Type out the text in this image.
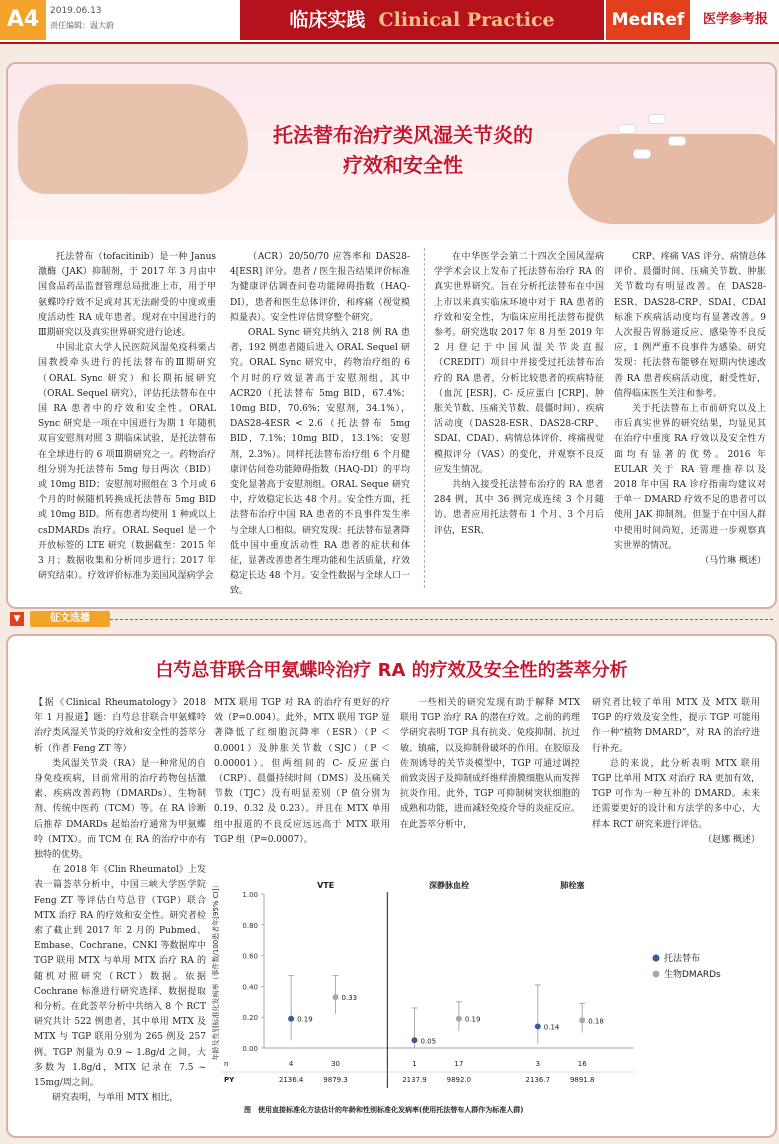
A4	2019.06.13
责任编辑：温大蔚	临床实践 Clinical Practice	MedRef	医学参考报
托法替布治疗类风湿关节炎的
疗效和安全性

托法替布（tofacitinib）是一种 Janus 激酶（JAK）抑制剂，于 2017 年 3 月由中国食品药品监督管理总局批准上市，用于甲氨蝶呤疗效不足或对其无法耐受的中度或重度活动性 RA 成年患者。现对在中国进行的Ⅲ期研究以及真实世界研究进行论述。

中国北京大学人民医院风湿免疫科栗占国教授牵头进行的托法替布的Ⅲ期研究（ORAL Sync 研究）和长期拓展研究（ORAL Sequel 研究），评估托法替布在中国 RA 患者中的疗效和安全性。ORAL Sync 研究是一项在中国进行为期 1 年随机双盲安慰剂对照 3 期临床试验，是托法替布在全球进行的 6 项Ⅲ期研究之一。药物治疗组分别为托法替布 5mg 每日两次（BID）或 10mg BID；安慰剂对照组在 3 个月或 6 个月的时候随机转换成托法替布 5mg BID 或 10mg BID。所有患者均使用 1 种或以上 csDMARDs 治疗。ORAL Sequel 是一个开放标签的 LTE 研究（数据截至：2015 年 3 月；数据收集和分析同步进行；2017 年研究结束）。疗效评价标准为美国风湿病学会

（ACR）20/50/70 应答率和 DAS28-4[ESR] 评分。患者 / 医生报告结果评价标准为健康评估调查问卷功能障碍指数（HAQ-DI），患者和医生总体评价，和疼痛（视觉模拟量表）。安全性评估贯穿整个研究。

ORAL Sync 研究共纳入 218 例 RA 患者，192 例患者随后进入 ORAL Sequel 研究。ORAL Sync 研究中，药物治疗组的 6 个月时的疗效显著高于安慰剂组，其中 ACR20（托法替布 5mg BID，67.4%；10mg BID，70.6%；安慰剂，34.1%），DAS28-4ESR < 2.6（托法替布 5mg BID，7.1%；10mg BID，13.1%；安慰剂，2.3%）。同样托法替布治疗组 6 个月健康评估问卷功能障碍指数（HAQ-DI）的平均变化显著高于安慰剂组。ORAL Seque 研究中，疗效稳定长达 48 个月。安全性方面，托法替布治疗中国 RA 患者的不良事件发生率与全球人口相似。研究发现：托法替布显著降低中国中重度活动性 RA 患者的症状和体征，显著改善患者生理功能和生活质量，疗效稳定长达 48 个月。安全性数据与全球人口一致。

在中华医学会第二十四次全国风湿病学学术会议上发布了托法替布治疗 RA 的真实世界研究。旨在分析托法替布在中国上市以来真实临床环境中对于 RA 患者的疗效和安全性，为临床应用托法替布提供参考。研究选取 2017 年 8 月至 2019 年 2 月登记于中国风湿关节炎直报（CREDIT）项目中并接受过托法替布治疗的 RA 患者，分析比较患者的疾病特征（血沉 [ESR]、C- 反应蛋白 [CRP]、肿胀关节数、压痛关节数、晨僵时间）、疾病活动度（DAS28-ESR、DAS28-CRP、SDAI、CDAI）、病情总体评价、疼痛视觉模拟评分（VAS）的变化，并观察不良反应发生情况。

共纳入接受托法替布治疗的 RA 患者 284 例，其中 36 例完成连续 3 个月随访。患者应用托法替布 1 个月、3 个月后评估，ESR、

CRP、疼痛 VAS 评分、病情总体评价、晨僵时间、压痛关节数、肿胀关节数均有明显改善。在 DAS28-ESR、DAS28-CRP、SDAI、CDAI 标准下疾病活动度均有显著改善。9 人次报告胃肠道反应、感染等不良反应，1 例严重不良事件为感染。研究发现：托法替布能够在短期内快速改善 RA 患者疾病活动度，耐受性好，值得临床医生关注和参考。

关于托法替布上市前研究以及上市后真实世界的研究结果，均显见其在治疗中重度 RA 疗效以及安全性方面均有显著的优势。2016 年 EULAR 关于 RA 管理推荐以及 2018 年中国 RA 诊疗指南均建议对于单一 DMARD 疗效不足的患者可以使用 JAK 抑制剂。但鉴于在中国人群中使用时间尚短，还需进一步观察真实世界的情况。

（马竹琳 概述）

▼	征文选播
白芍总苷联合甲氨蝶呤治疗 RA 的疗效及安全性的荟萃分析

【据《Clinical Rheumatology》2018 年 1 月报道】题：白芍总苷联合甲氨蝶呤治疗类风湿关节炎的疗效和安全性的荟萃分析（作者 Feng ZT 等）

类风湿关节炎（RA）是一种常见的自身免疫疾病，目前常用的治疗药物包括激素、疾病改善药物（DMARDs）、生物制剂、传统中医药（TCM）等。在 RA 诊断后推荐 DMARDs 起始治疗通常为甲氨蝶呤（MTX）。而 TCM 在 RA 的治疗中亦有独特的优势。

在 2018 年《Clin Rheumatol》上发表一篇荟萃分析中，中国三峡大学医学院 Feng ZT 等评估白芍总苷（TGP）联合 MTX 治疗 RA 的疗效和安全性。研究者检索了截止到 2017 年 2 月的 Pubmed、Embase、Cochrane、CNKI 等数据库中 TGP 联用 MTX 与单用 MTX 治疗 RA 的随机对照研究（RCT）数据。依据 Cochrane 标准进行研究选择、数据提取和分析。在此荟萃分析中共纳入 8 个 RCT 研究共计 522 例患者，其中单用 MTX 及 MTX 与 TGP 联用分别为 265 例及 257 例。TGP 剂量为 0.9 ~ 1.8g/d 之间，大多数为 1.8g/d，MTX 记录在 7.5 ~ 15mg/周之间。

研究表明，与单用 MTX 相比，

MTX 联用 TGP 对 RA 的治疗有更好的疗效（P=0.004）。此外，MTX 联用 TGP 显著降低了红细胞沉降率（ESR）（P ＜ 0.0001）及肿胀关节数（SJC）（P ＜ 0.00001）。但两组间的 C- 反应蛋白（CRP）、晨僵持续时间（DMS）及压痛关节数（TJC）没有明显差别（P 值分别为 0.19、0.32 及 0.23）。并且在 MTX 单用组中报道的不良反应远远高于 MTX 联用 TGP 组（P=0.0007）。

一些相关的研究发现有助于解释 MTX 联用 TGP 治疗 RA 的潜在疗效。之前的药理学研究表明 TGP 具有抗炎、免疫抑制、抗过敏、镇痛，以及抑制骨破坏的作用。在胶原及佐剂诱导的关节炎模型中，TGP 可通过调控前致炎因子及抑制成纤维样滑膜细胞从而发挥抗炎作用。此外，TGP 可抑制树突状细胞的成熟和功能，进而减轻免疫介导的炎症反应。在此荟萃分析中，

研究者比较了单用 MTX 及 MTX 联用 TGP 的疗效及安全性，提示 TGP 可能用作一种“植物 DMARD”，对 RA 的治疗进行补充。

总的来说，此分析表明 MTX 联用 TGP 比单用 MTX 对治疗 RA 更加有效，TGP 可作为一种互补的 DMARD。未来还需要更好的设计和方法学的多中心、大样本 RCT 研究来进行评估。

（赵娜 概述）

年龄及性别标准化发病率（事件数/100患者年[95% CI]）	0.00
0.20
0.40
0.60
0.80
1.00
VTE
0.19
4
2136.4
0.33
30
9879.3
深静脉血栓
0.05
1
2137.9
0.19
17
9892.0
肺栓塞
0.14
3
2136.7
0.18
16
9891.8
n
PY
托法替布
生物DMARDs
图　使用直接标准化方法估计的年龄和性别标准化发病率(使用托法替布人群作为标准人群)
